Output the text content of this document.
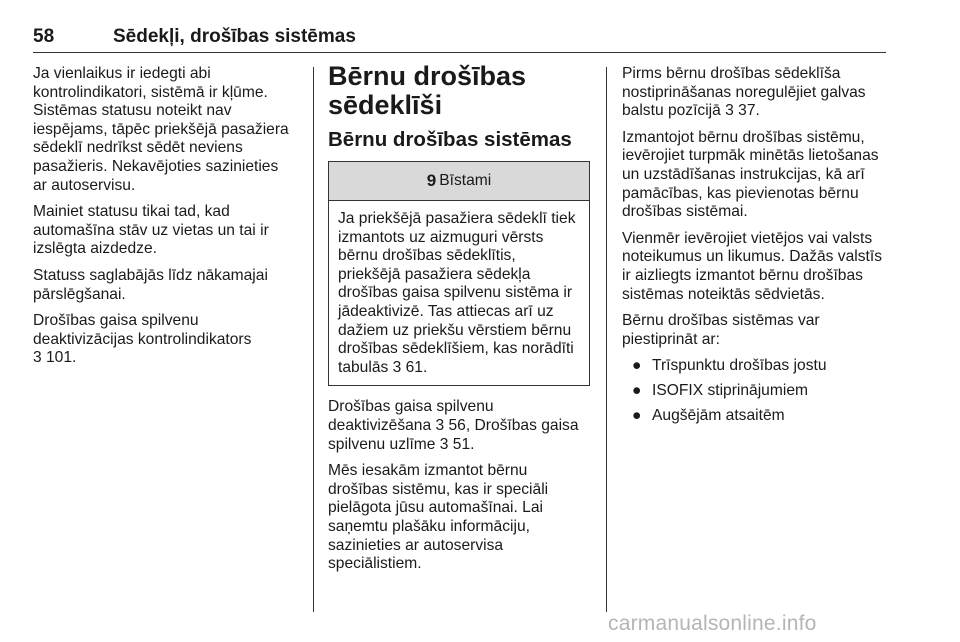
58	Sēdekļi, drošības sistēmas

Ja vienlaikus ir iedegti abi
kontrolindikatori, sistēmā ir kļūme.
Sistēmas statusu noteikt nav
iespējams, tāpēc priekšējā pasažiera
sēdeklī nedrīkst sēdēt neviens
pasažieris. Nekavējoties sazinieties
ar autoservisu.

Mainiet statusu tikai tad, kad
automašīna stāv uz vietas un tai ir
izslēgta aizdedze.

Statuss saglabājās līdz nākamajai
pārslēgšanai.

Drošības gaisa spilvenu
deaktivizācijas kontrolindikators
3 101.

Bērnu drošības
sēdeklīši
Bērnu drošības sistēmas
9 Bīstami
Ja priekšējā pasažiera sēdeklī tiek
izmantots uz aizmuguri vērsts
bērnu drošības sēdeklītis,
priekšējā pasažiera sēdekļa
drošības gaisa spilvenu sistēma ir
jādeaktivizē. Tas attiecas arī uz
dažiem uz priekšu vērstiem bērnu
drošības sēdeklīšiem, kas norādīti
tabulās 3 61.

Drošības gaisa spilvenu
deaktivizēšana 3 56, Drošības gaisa
spilvenu uzlīme 3 51.

Mēs iesakām izmantot bērnu
drošības sistēmu, kas ir speciāli
pielāgota jūsu automašīnai. Lai
saņemtu plašāku informāciju,
sazinieties ar autoservisa
speciālistiem.

Pirms bērnu drošības sēdeklīša
nostiprināšanas noregulējiet galvas
balstu pozīcijā 3 37.

Izmantojot bērnu drošības sistēmu,
ievērojiet turpmāk minētās lietošanas
un uzstādīšanas instrukcijas, kā arī
pamācības, kas pievienotas bērnu
drošības sistēmai.

Vienmēr ievērojiet vietējos vai valsts
noteikumus un likumus. Dažās valstīs
ir aizliegts izmantot bērnu drošības
sistēmas noteiktās sēdvietās.

Bērnu drošības sistēmas var
piestiprināt ar:

● Trīspunktu drošības jostu
● ISOFIX stiprinājumiem
● Augšējām atsaitēm
carmanualsonline.info
